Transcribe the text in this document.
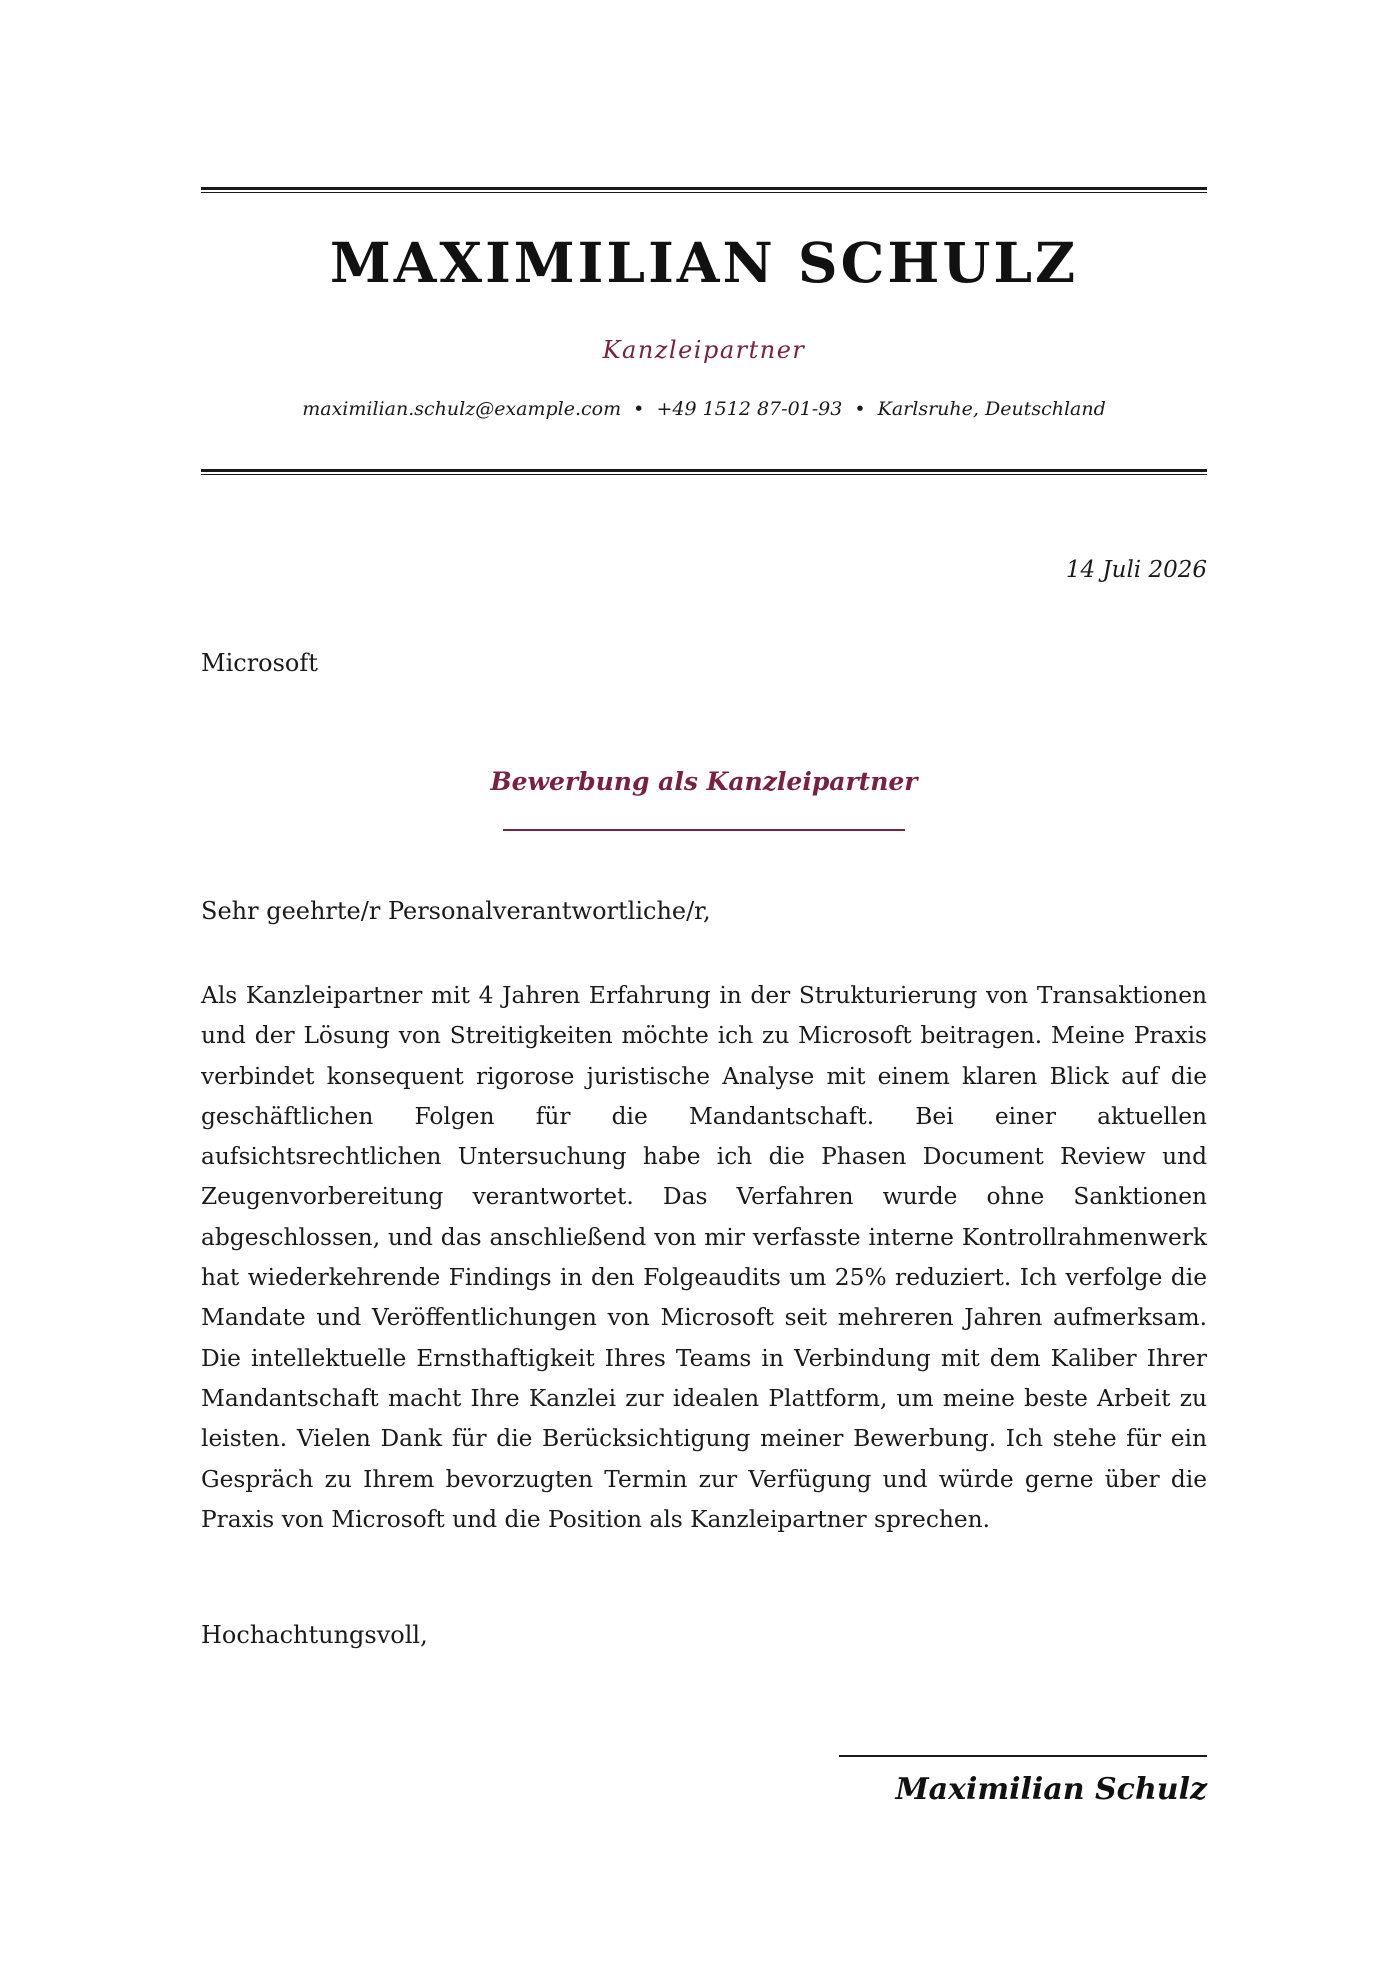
MAXIMILIAN SCHULZ
Kanzleipartner
maximilian.schulz@example.com • +49 1512 87-01-93 • Karlsruhe, Deutschland
14 Juli 2026
Microsoft
Bewerbung als Kanzleipartner
Sehr geehrte/r Personalverantwortliche/r,

Als Kanzleipartner mit 4 Jahren Erfahrung in der Strukturierung von Transaktionen und der Lösung von Streitigkeiten möchte ich zu Microsoft beitragen. Meine Praxis verbindet konsequent rigorose juristische Analyse mit einem klaren Blick auf die geschäftlichen Folgen für die Mandantschaft. Bei einer aktuellen aufsichtsrechtlichen Untersuchung habe ich die Phasen Document Review und Zeugenvorbereitung verantwortet. Das Verfahren wurde ohne Sanktionen abgeschlossen, und das anschließend von mir verfasste interne Kontrollrahmenwerk hat wiederkehrende Findings in den Folgeaudits um 25% reduziert. Ich verfolge die Mandate und Veröffentlichungen von Microsoft seit mehreren Jahren aufmerksam. Die intellektuelle Ernsthaftigkeit Ihres Teams in Verbindung mit dem Kaliber Ihrer Mandantschaft macht Ihre Kanzlei zur idealen Plattform, um meine beste Arbeit zu leisten. Vielen Dank für die Berücksichtigung meiner Bewerbung. Ich stehe für ein Gespräch zu Ihrem bevorzugten Termin zur Verfügung und würde gerne über die Praxis von Microsoft und die Position als Kanzleipartner sprechen.

Hochachtungsvoll,
Maximilian Schulz
